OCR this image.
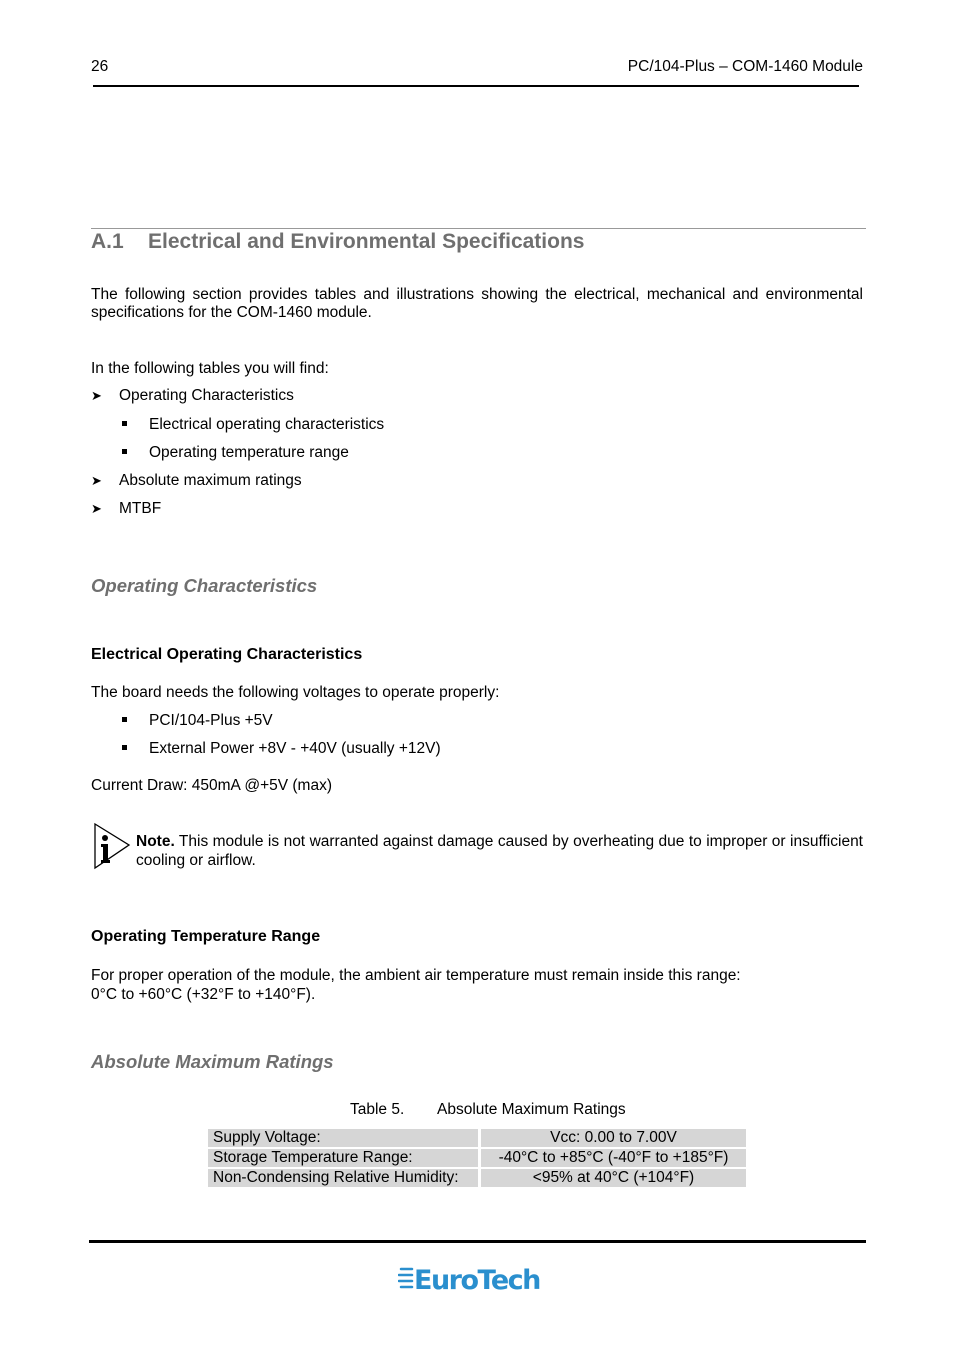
26	PC/104-Plus – COM-1460 Module
A.1 Electrical and Environmental Specifications
The following section provides tables and illustrations showing the electrical, mechanical and environmental specifications for the COM-1460 module.
In the following tables you will find:
➤ Operating Characteristics
Electrical operating characteristics
Operating temperature range
➤ Absolute maximum ratings
➤ MTBF
Operating Characteristics
Electrical Operating Characteristics
The board needs the following voltages to operate properly:
PCI/104-Plus +5V
External Power +8V - +40V (usually +12V)
Current Draw: 450mA @+5V (max)
Note. This module is not warranted against damage caused by overheating due to improper or insufficient cooling or airflow.
Operating Temperature Range
For proper operation of the module, the ambient air temperature must remain inside this range:
0°C to +60°C (+32°F to +140°F).
Absolute Maximum Ratings
Table 5. Absolute Maximum Ratings
Supply Voltage:	Vcc: 0.00 to 7.00V
Storage Temperature Range:	-40°C to +85°C (-40°F to +185°F)
Non-Condensing Relative Humidity:	<95% at 40°C (+104°F)
EuroTech
